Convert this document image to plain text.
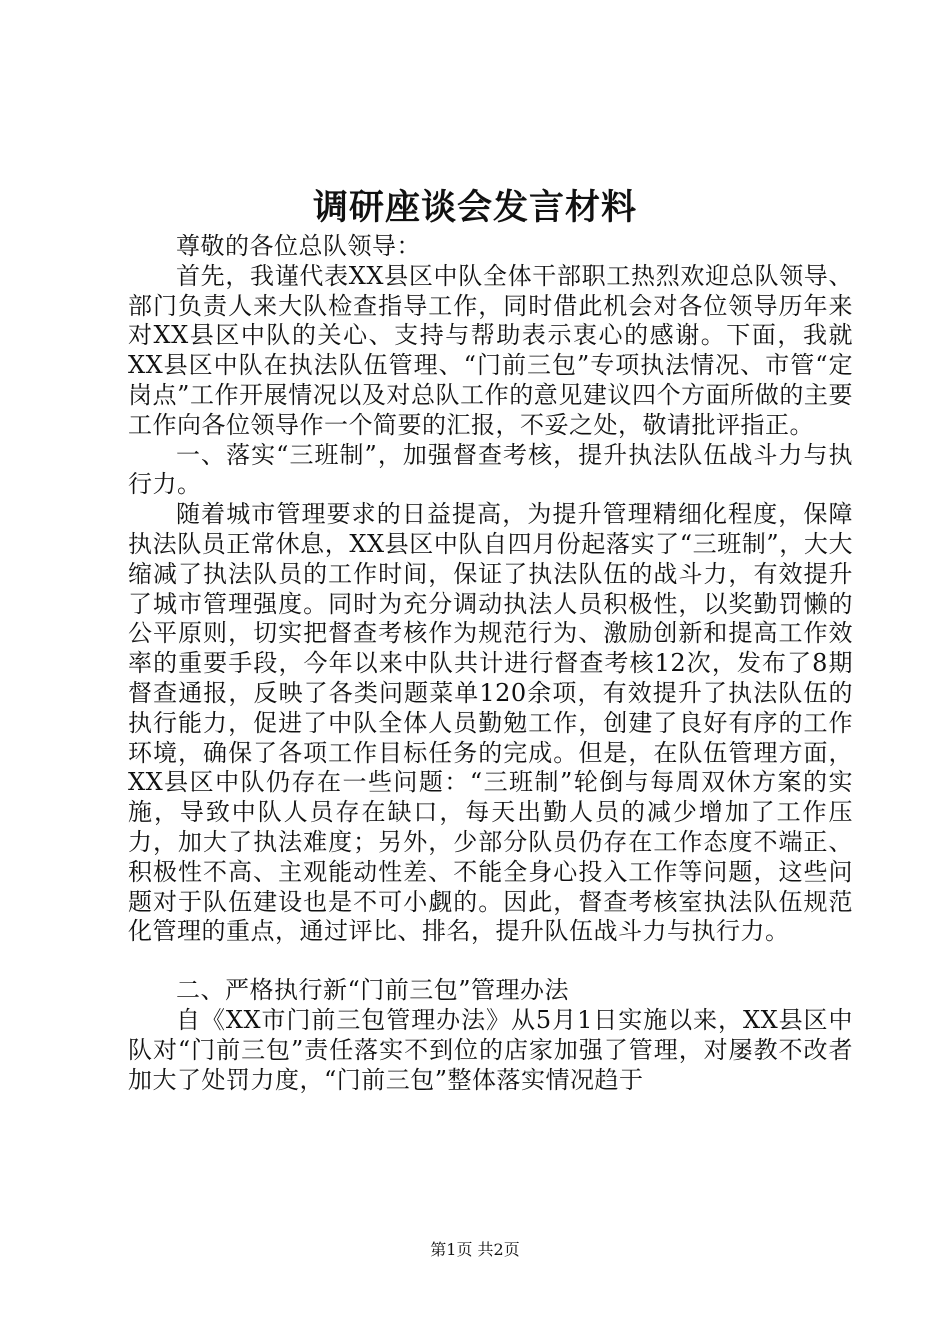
调研座谈会发言材料

尊敬的各位总队领导：

首先，我谨代表XX县区中队全体干部职工热烈欢迎总队领导、部门负责人来大队检查指导工作，同时借此机会对各位领导历年来对XX县区中队的关心、支持与帮助表示衷心的感谢。下面，我就XX县区中队在执法队伍管理、“门前三包”专项执法情况、市管“定岗点”工作开展情况以及对总队工作的意见建议四个方面所做的主要工作向各位领导作一个简要的汇报，不妥之处，敬请批评指正。

一、落实“三班制”，加强督查考核，提升执法队伍战斗力与执行力。

随着城市管理要求的日益提高，为提升管理精细化程度，保障执法队员正常休息，XX县区中队自四月份起落实了“三班制”，大大缩减了执法队员的工作时间，保证了执法队伍的战斗力，有效提升了城市管理强度。同时为充分调动执法人员积极性，以奖勤罚懒的公平原则，切实把督查考核作为规范行为、激励创新和提高工作效率的重要手段，今年以来中队共计进行督查考核12次，发布了8期督查通报，反映了各类问题菜单120余项，有效提升了执法队伍的执行能力，促进了中队全体人员勤勉工作，创建了良好有序的工作环境，确保了各项工作目标任务的完成。但是，在队伍管理方面，XX县区中队仍存在一些问题：“三班制”轮倒与每周双休方案的实施，导致中队人员存在缺口，每天出勤人员的减少增加了工作压力，加大了执法难度；另外，少部分队员仍存在工作态度不端正、积极性不高、主观能动性差、不能全身心投入工作等问题，这些问题对于队伍建设也是不可小觑的。因此，督查考核室执法队伍规范化管理的重点，通过评比、排名，提升队伍战斗力与执行力。

二、严格执行新“门前三包”管理办法

自《XX市门前三包管理办法》从5月1日实施以来，XX县区中队对“门前三包”责任落实不到位的店家加强了管理，对屡教不改者加大了处罚力度，“门前三包”整体落实情况趋于

第1页 共2页
